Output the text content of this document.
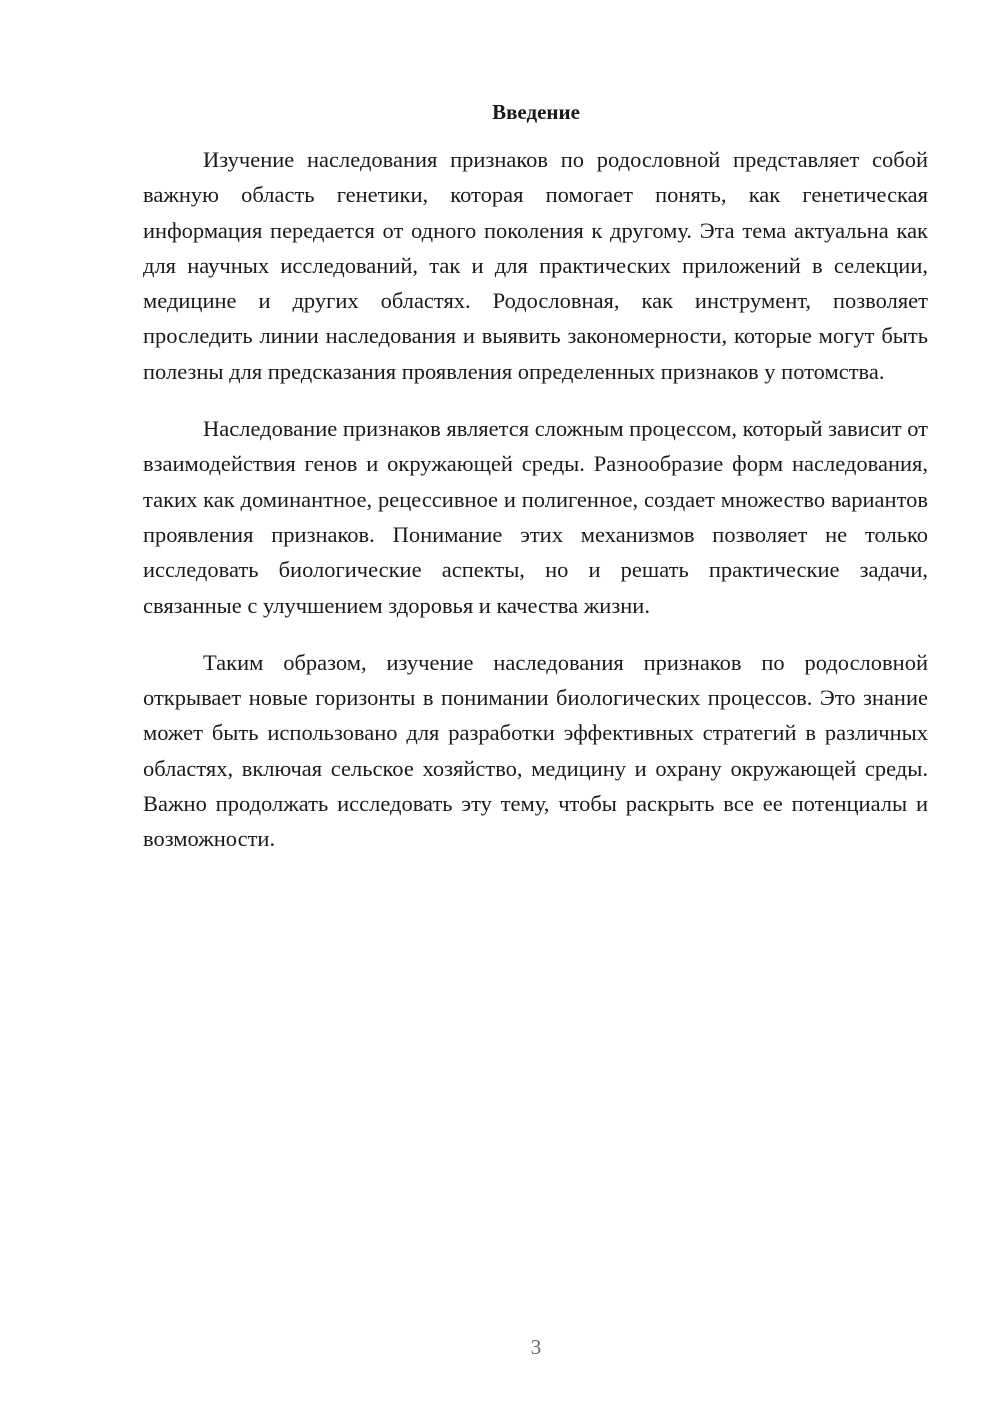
Введение

Изучение наследования признаков по родословной представляет собой важную область генетики, которая помогает понять, как генетическая информация передается от одного поколения к другому. Эта тема актуальна как для научных исследований, так и для практических приложений в селекции, медицине и других областях. Родословная, как инструмент, позволяет проследить линии наследования и выявить закономерности, которые могут быть полезны для предсказания проявления определенных признаков у потомства.

Наследование признаков является сложным процессом, который зависит от взаимодействия генов и окружающей среды. Разнообразие форм наследования, таких как доминантное, рецессивное и полигенное, создает множество вариантов проявления признаков. Понимание этих механизмов позволяет не только исследовать биологические аспекты, но и решать практические задачи, связанные с улучшением здоровья и качества жизни.

Таким образом, изучение наследования признаков по родословной открывает новые горизонты в понимании биологических процессов. Это знание может быть использовано для разработки эффективных стратегий в различных областях, включая сельское хозяйство, медицину и охрану окружающей среды. Важно продолжать исследовать эту тему, чтобы раскрыть все ее потенциалы и возможности.

3
